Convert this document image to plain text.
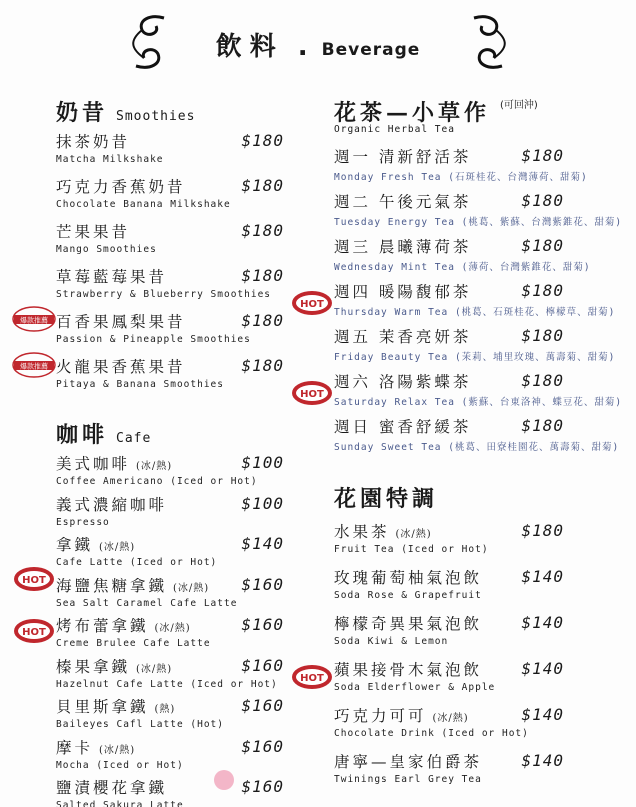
飲料 . Beverage
奶昔 Smoothies
抹茶奶昔	$180
Matcha Milkshake
巧克力香蕉奶昔	$180
Chocolate Banana Milkshake
芒果果昔	$180
Mango Smoothies
草莓藍莓果昔	$180
Strawberry & Blueberry Smoothies
百香果鳳梨果昔	$180
Passion & Pineapple Smoothies
火龍果香蕉果昔	$180
Pitaya & Banana Smoothies
咖啡 Cafe
美式咖啡 (冰/熱)	$100
Coffee Americano (Iced or Hot)
義式濃縮咖啡	$100
Espresso
拿鐵 (冰/熱)	$140
Cafe Latte (Iced or Hot)
海鹽焦糖拿鐵 (冰/熱) $160
Sea Salt Caramel Cafe Latte
烤布蕾拿鐵 (冰/熱)	$160
Creme Brulee Cafe Latte
榛果拿鐵 (冰/熱)	$160
Hazelnut Cafe Latte (Iced or Hot)
貝里斯拿鐵 (熱)	$160
Baileyes Cafl Latte (Hot)
摩卡 (冰/熱)	$160
Mocha (Iced or Hot)
鹽漬櫻花拿鐵	$160
Salted Sakura Latte
花茶—小草作 $^{(可回沖)}$
Organic Herbal Tea
週一 清新舒活茶	$180
Monday Fresh Tea (石斑桂花、台灣薄荷、甜菊)
週二 午後元氣茶	$180
Tuesday Energy Tea (桃葛、紫蘇、台灣紫錐花、甜菊)
週三 晨曦薄荷茶	$180
Wednesday Mint Tea (薄荷、台灣紫錐花、甜菊)
週四 暖陽馥郁茶	$180
Thursday Warm Tea (桃葛、石斑桂花、檸檬草、甜菊)
週五 茉香亮妍茶	$180
Friday Beauty Tea (茉莉、埔里玫瑰、萬壽菊、甜菊)
週六 洛陽紫蝶茶	$180
Saturday Relax Tea (紫蘇、台東洛神、蝶豆花、甜菊)
週日 蜜香舒緩茶	$180
Sunday Sweet Tea (桃葛、田寮桂園花、萬壽菊、甜菊)
花園特調
水果茶 (冰/熱)	$180
Fruit Tea (Iced or Hot)
玫瑰葡萄柚氣泡飲 $140
Soda Rose & Grapefruit
檸檬奇異果氣泡飲 $140
Soda Kiwi & Lemon
蘋果接骨木氣泡飲 $140
Soda Elderflower & Apple
巧克力可可 (冰/熱)	$140
Chocolate Drink (Iced or Hot)
唐寧—皇家伯爵茶 $140
Twinings Earl Grey Tea
爆款推薦
爆款推薦
HOT
HOT
HOT
HOT
HOT
